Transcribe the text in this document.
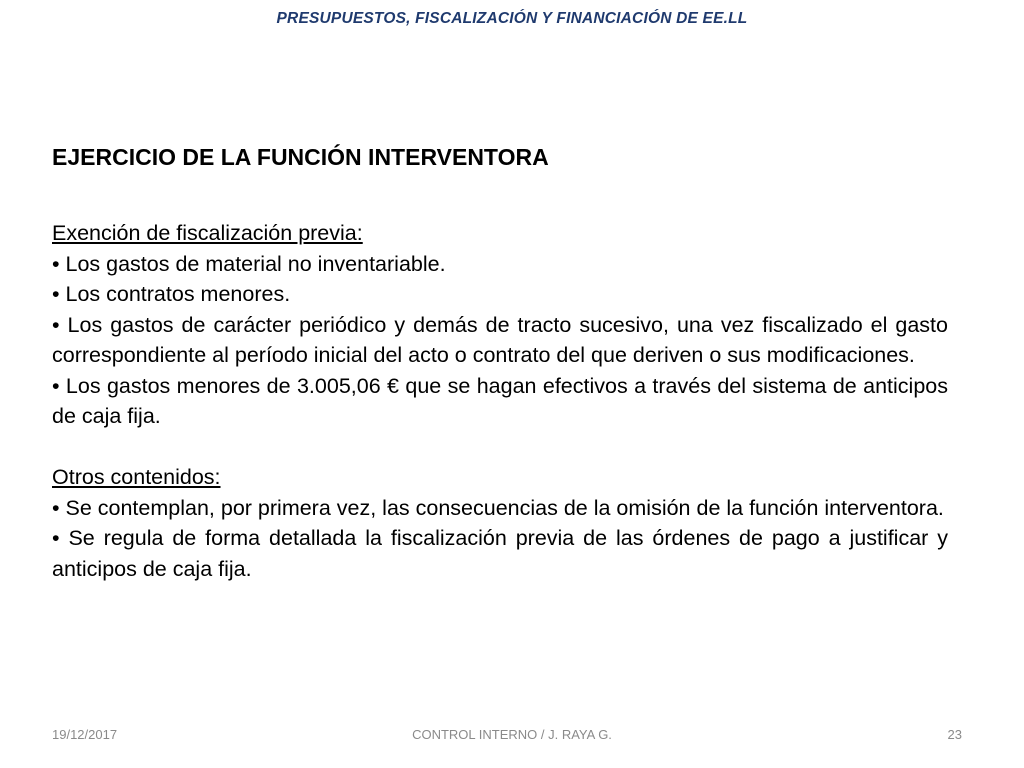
PRESUPUESTOS, FISCALIZACIÓN Y FINANCIACIÓN DE EE.LL
EJERCICIO DE LA FUNCIÓN INTERVENTORA

Exención de fiscalización previa:

• Los gastos de material no inventariable.

• Los contratos menores.

• Los gastos de carácter periódico y demás de tracto sucesivo, una vez fiscalizado el gasto correspondiente al período inicial del acto o contrato del que deriven o sus modificaciones.

• Los gastos menores de 3.005,06 € que se hagan efectivos a través del sistema de anticipos de caja fija.

Otros contenidos:

• Se contemplan, por primera vez, las consecuencias de la omisión de la función interventora.

• Se regula de forma detallada la fiscalización previa de las órdenes de pago a justificar y anticipos de caja fija.

19/12/2017	CONTROL INTERNO / J. RAYA G.	23
